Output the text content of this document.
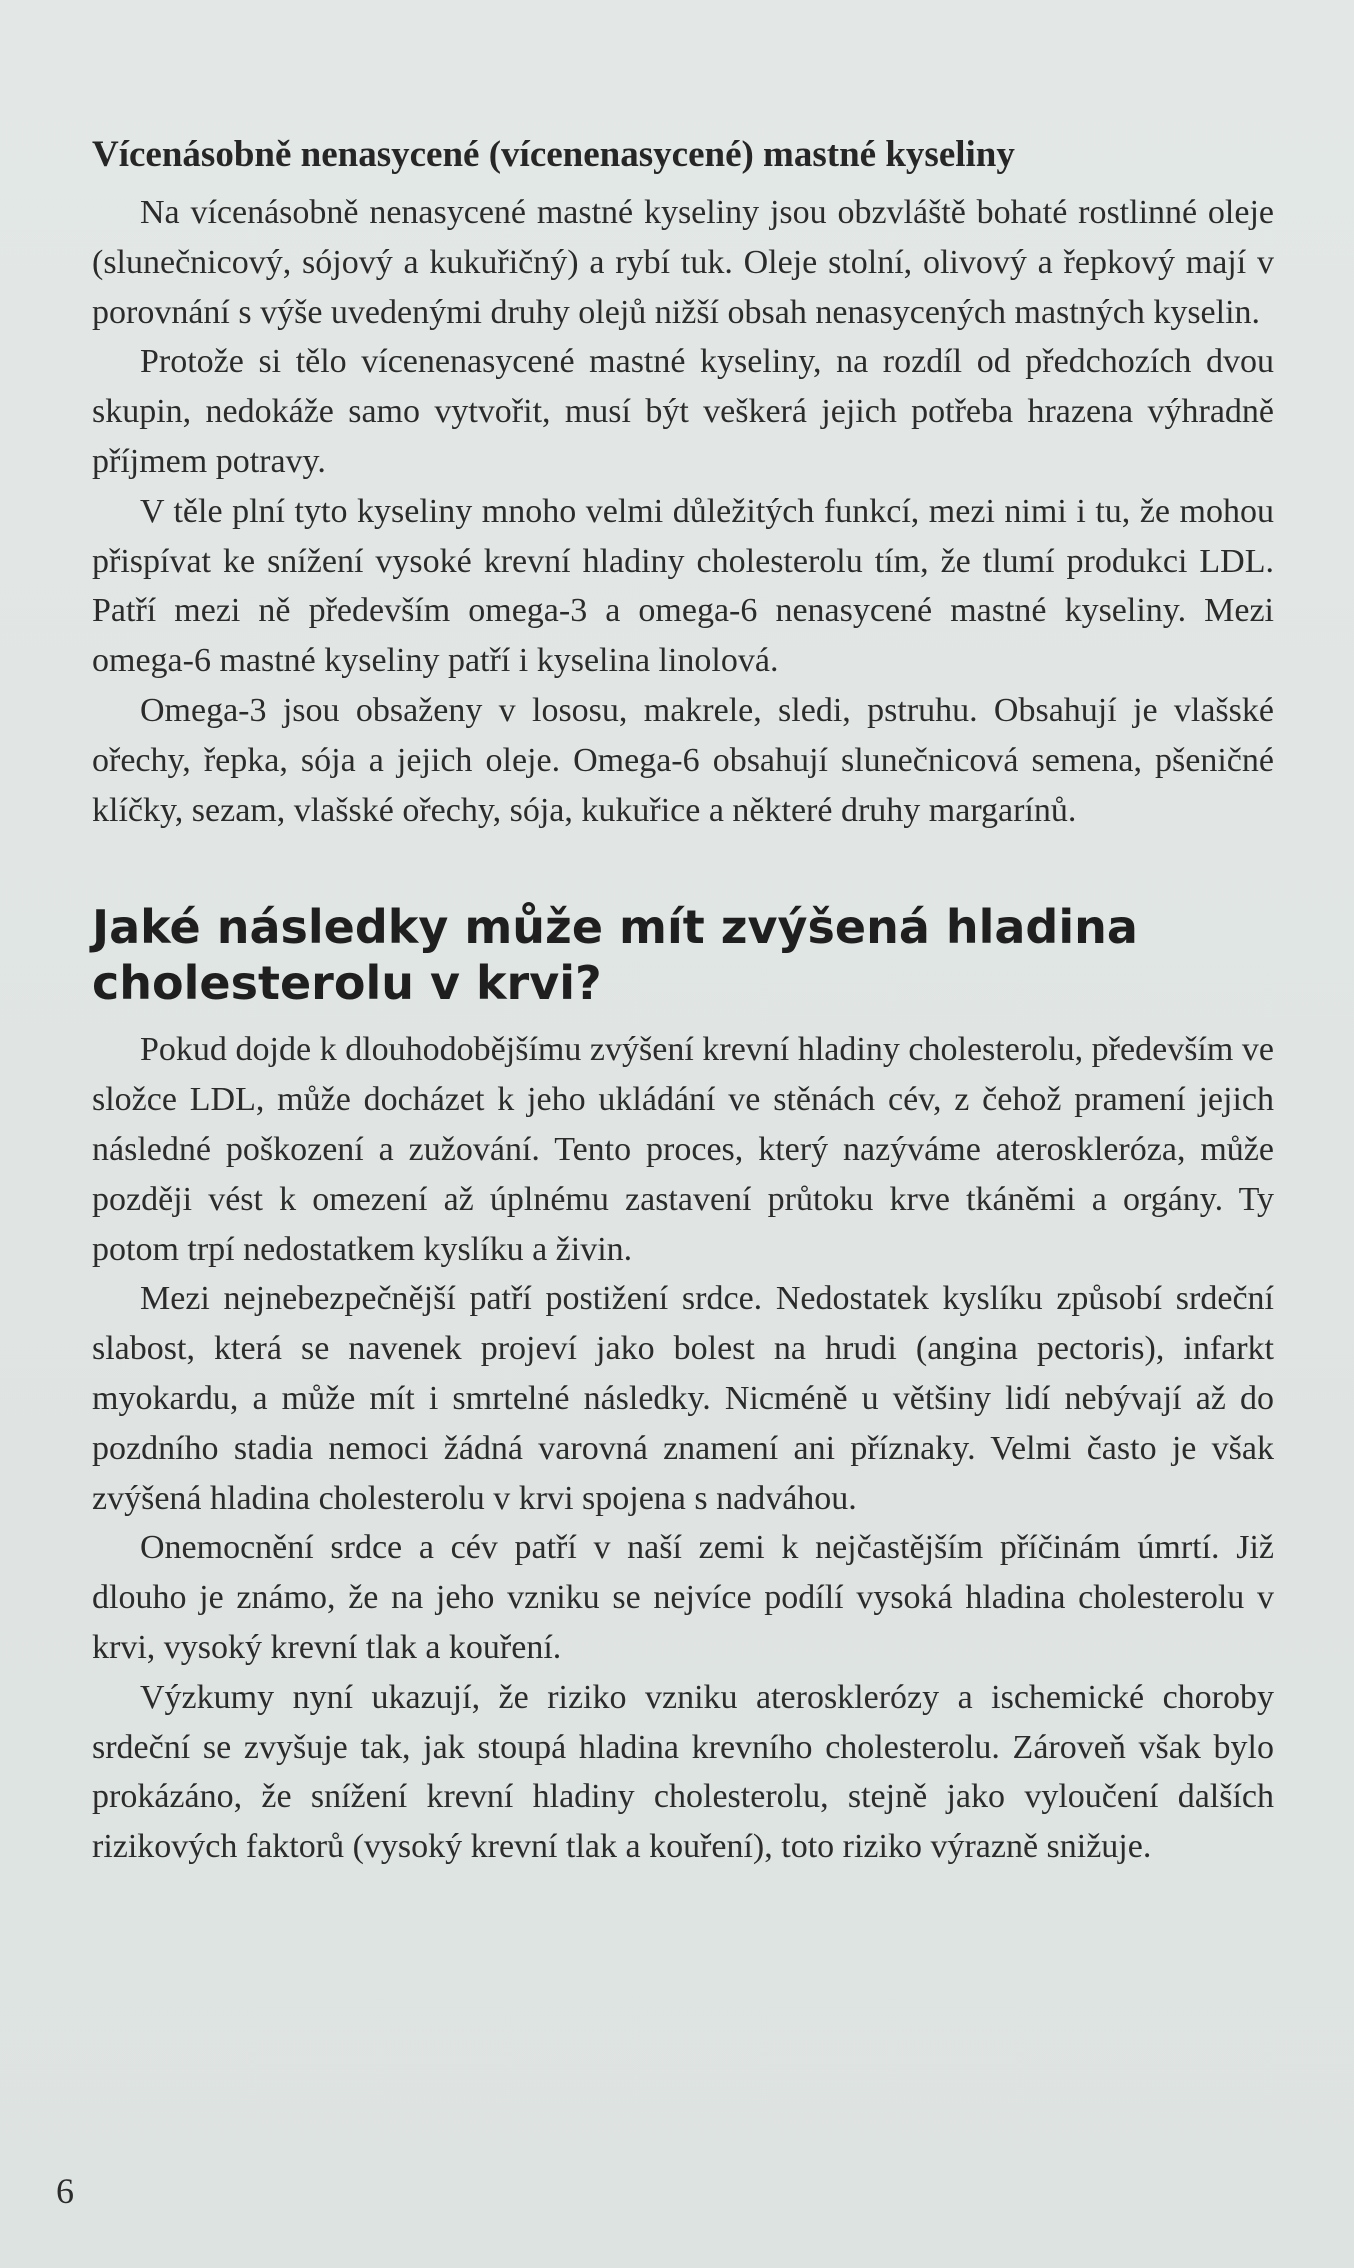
Vícenásobně nenasycené (vícenenasycené) mastné kyseliny

Na vícenásobně nenasycené mastné kyseliny jsou obzvláště bohaté rostlinné oleje (slunečnicový, sójový a kukuřičný) a rybí tuk. Oleje stolní, olivový a řepkový mají v porovnání s výše uvedenými druhy olejů nižší obsah nenasycených mastných kyselin.

Protože si tělo vícenenasycené mastné kyseliny, na rozdíl od předchozích dvou skupin, nedokáže samo vytvořit, musí být veškerá jejich potřeba hrazena výhradně příjmem potravy.

V těle plní tyto kyseliny mnoho velmi důležitých funkcí, mezi nimi i tu, že mohou přispívat ke snížení vysoké krevní hladiny cholesterolu tím, že tlumí produkci LDL. Patří mezi ně především omega-3 a omega-6 nenasycené mastné kyseliny. Mezi omega-6 mastné kyseliny patří i kyselina linolová.

Omega-3 jsou obsaženy v lososu, makrele, sledi, pstruhu. Obsahují je vlašské ořechy, řepka, sója a jejich oleje. Omega-6 obsahují slunečnicová semena, pšeničné klíčky, sezam, vlašské ořechy, sója, kukuřice a některé druhy margarínů.

Jaké následky může mít zvýšená hladina cholesterolu v krvi?

Pokud dojde k dlouhodobějšímu zvýšení krevní hladiny cholesterolu, především ve složce LDL, může docházet k jeho ukládání ve stěnách cév, z čehož pramení jejich následné poškození a zužování. Tento proces, který nazýváme ateroskleróza, může později vést k omezení až úplnému zastavení průtoku krve tkáněmi a orgány. Ty potom trpí nedostatkem kyslíku a živin.

Mezi nejnebezpečnější patří postižení srdce. Nedostatek kyslíku způsobí srdeční slabost, která se navenek projeví jako bolest na hrudi (angina pectoris), infarkt myokardu, a může mít i smrtelné následky. Nicméně u většiny lidí nebývají až do pozdního stadia nemoci žádná varovná znamení ani příznaky. Velmi často je však zvýšená hladina cholesterolu v krvi spojena s nadváhou.

Onemocnění srdce a cév patří v naší zemi k nejčastějším příčinám úmrtí. Již dlouho je známo, že na jeho vzniku se nejvíce podílí vysoká hladina cholesterolu v krvi, vysoký krevní tlak a kouření.

Výzkumy nyní ukazují, že riziko vzniku aterosklerózy a ischemické choroby srdeční se zvyšuje tak, jak stoupá hladina krevního cholesterolu. Zároveň však bylo prokázáno, že snížení krevní hladiny cholesterolu, stejně jako vyloučení dalších rizikových faktorů (vysoký krevní tlak a kouření), toto riziko výrazně snižuje.

6
